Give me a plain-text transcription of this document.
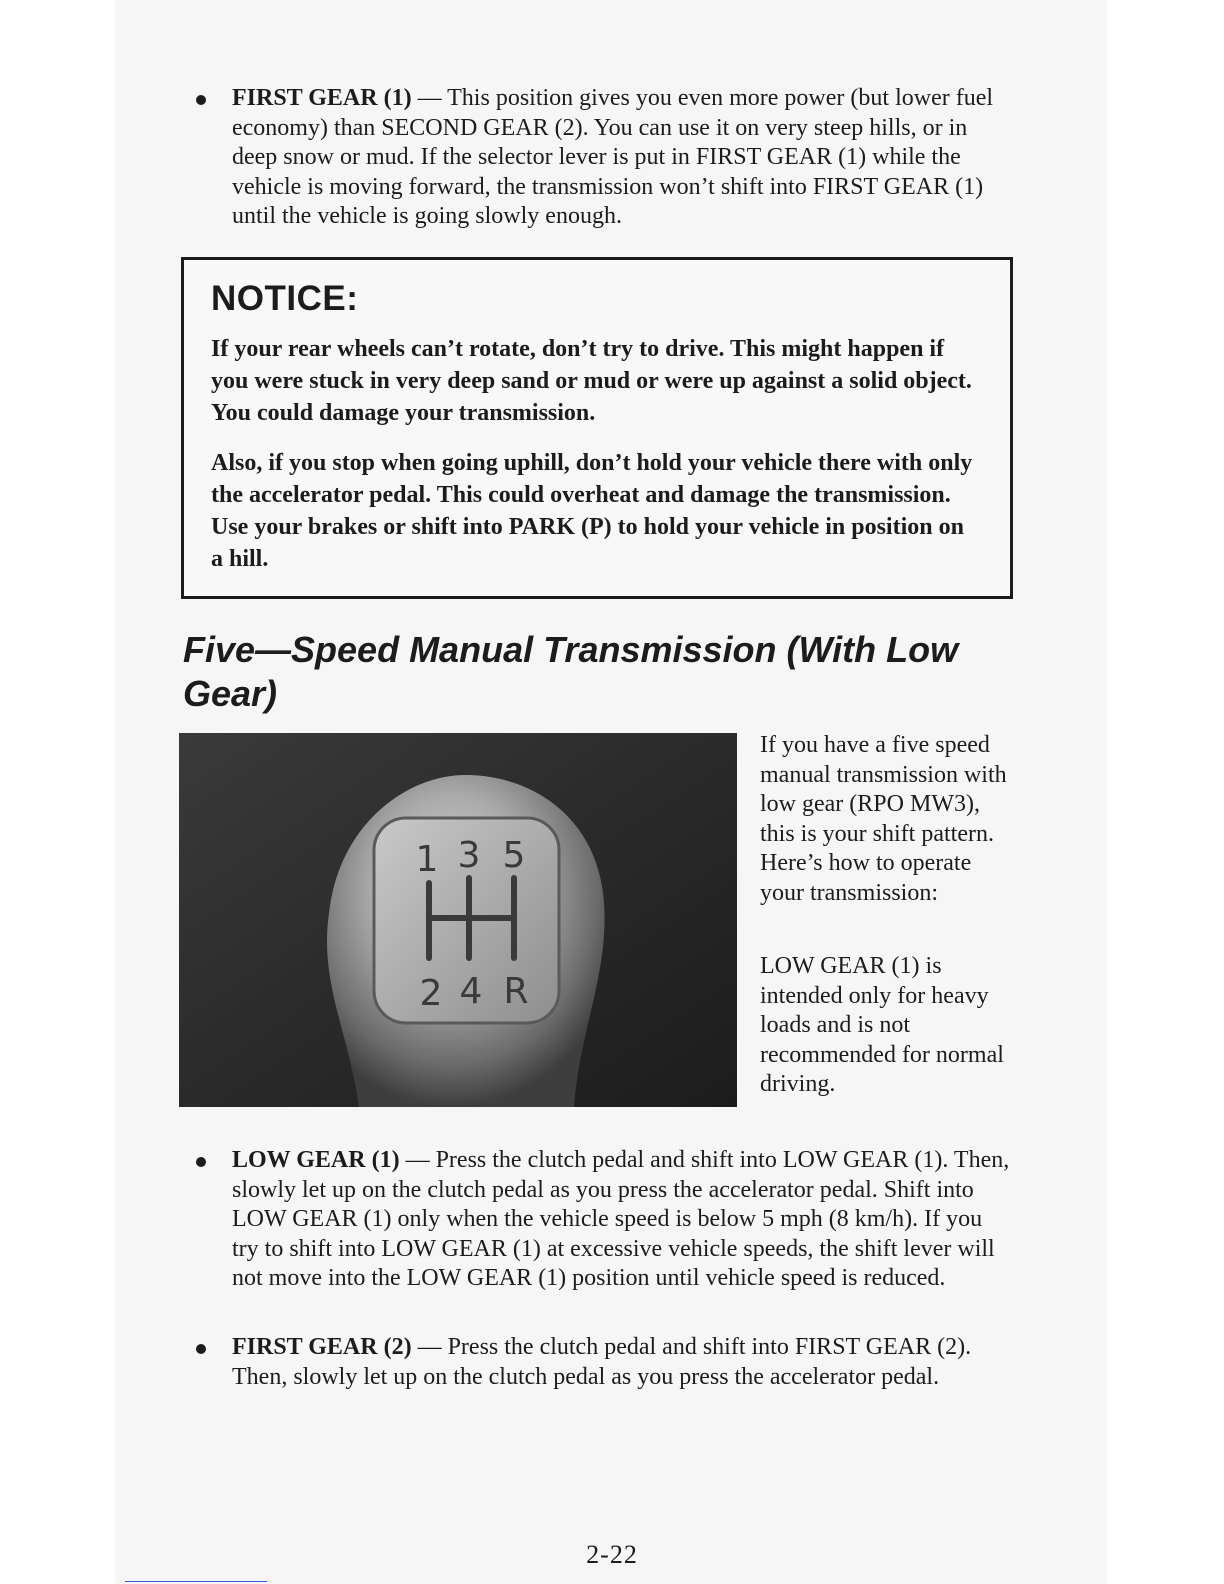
FIRST GEAR (1) — This position gives you even more power (but lower fuel economy) than SECOND GEAR (2). You can use it on very steep hills, or in deep snow or mud. If the selector lever is put in FIRST GEAR (1) while the vehicle is moving forward, the transmission won’t shift into FIRST GEAR (1) until the vehicle is going slowly enough.
NOTICE:
If your rear wheels can’t rotate, don’t try to drive. This might happen if you were stuck in very deep sand or mud or were up against a solid object. You could damage your transmission.
Also, if you stop when going uphill, don’t hold your vehicle there with only the accelerator pedal. This could overheat and damage the transmission. Use your brakes or shift into PARK (P) to hold your vehicle in position on a hill.
Five—Speed Manual Transmission (With Low Gear)
1 3 5
2 4 R
If you have a five speed manual transmission with low gear (RPO MW3), this is your shift pattern. Here’s how to operate your transmission:
LOW GEAR (1) is intended only for heavy loads and is not recommended for normal driving.
LOW GEAR (1) — Press the clutch pedal and shift into LOW GEAR (1). Then, slowly let up on the clutch pedal as you press the accelerator pedal. Shift into LOW GEAR (1) only when the vehicle speed is below 5 mph (8 km/h). If you try to shift into LOW GEAR (1) at excessive vehicle speeds, the shift lever will not move into the LOW GEAR (1) position until vehicle speed is reduced.
FIRST GEAR (2) — Press the clutch pedal and shift into FIRST GEAR (2). Then, slowly let up on the clutch pedal as you press the accelerator pedal.
2-22
